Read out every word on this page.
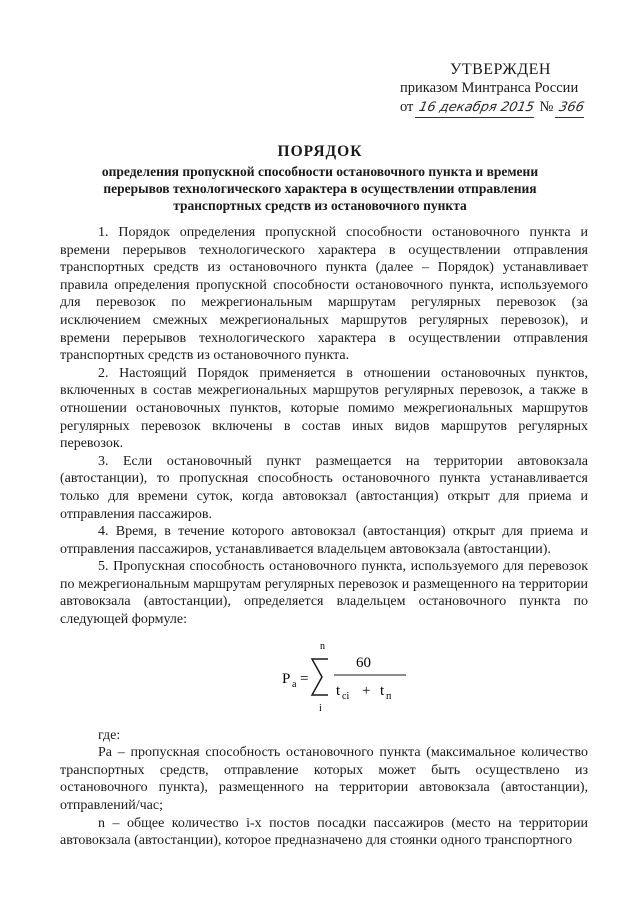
УТВЕРЖДЕН
приказом Минтранса России
от 16 декабря 2015 № 366
ПОРЯДОК
определения пропускной способности остановочного пункта и времени
перерывов технологического характера в осуществлении отправления
транспортных средств из остановочного пункта

1. Порядок определения пропускной способности остановочного пункта и времени перерывов технологического характера в осуществлении отправления транспортных средств из остановочного пункта (далее – Порядок) устанавливает правила определения пропускной способности остановочного пункта, используемого для перевозок по межрегиональным маршрутам регулярных перевозок (за исключением смежных межрегиональных маршрутов регулярных перевозок), и времени перерывов технологического характера в осуществлении отправления транспортных средств из остановочного пункта.

2. Настоящий Порядок применяется в отношении остановочных пунктов, включенных в состав межрегиональных маршрутов регулярных перевозок, а также в отношении остановочных пунктов, которые помимо межрегиональных маршрутов регулярных перевозок включены в состав иных видов маршрутов регулярных перевозок.

3. Если остановочный пункт размещается на территории автовокзала (автостанции), то пропускная способность остановочного пункта устанавливается только для времени суток, когда автовокзал (автостанция) открыт для приема и отправления пассажиров.

4. Время, в течение которого автовокзал (автостанция) открыт для приема и отправления пассажиров, устанавливается владельцем автовокзала (автостанции).

5. Пропускная способность остановочного пункта, используемого для перевозок по межрегиональным маршрутам регулярных перевозок и размещенного на территории автовокзала (автостанции), определяется владельцем остановочного пункта по следующей формуле:

P a =
n
i
60
t ci + t п

где:

Pa – пропускная способность остановочного пункта (максимальное количество транспортных средств, отправление которых может быть осуществлено из остановочного пункта), размещенного на территории автовокзала (автостанции), отправлений/час;

n – общее количество i-х постов посадки пассажиров (место на территории автовокзала (автостанции), которое предназначено для стоянки одного транспортного
